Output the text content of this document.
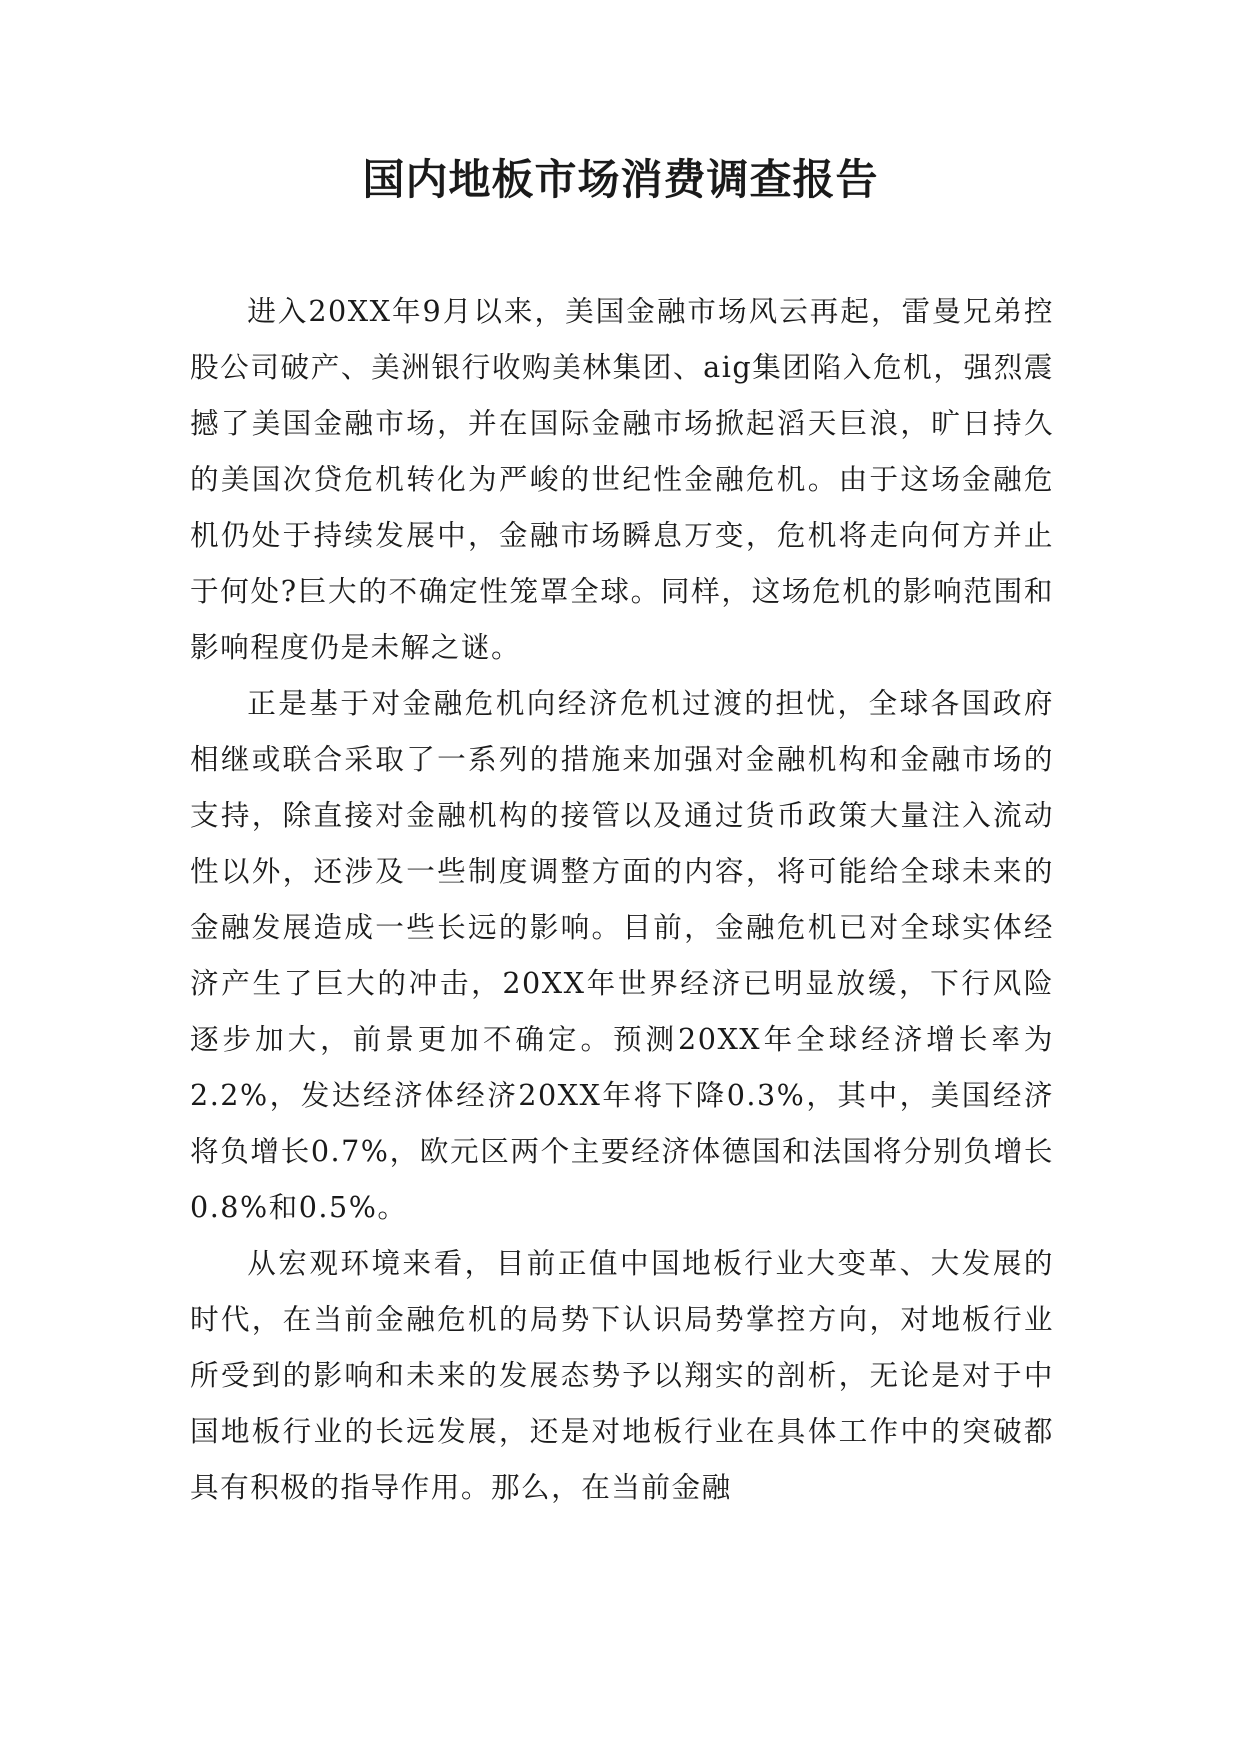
国内地板市场消费调查报告

进入20XX年9月以来，美国金融市场风云再起，雷曼兄弟控股公司破产、美洲银行收购美林集团、aig集团陷入危机，强烈震撼了美国金融市场，并在国际金融市场掀起滔天巨浪，旷日持久的美国次贷危机转化为严峻的世纪性金融危机。由于这场金融危机仍处于持续发展中，金融市场瞬息万变，危机将走向何方并止于何处?巨大的不确定性笼罩全球。同样，这场危机的影响范围和影响程度仍是未解之谜。

正是基于对金融危机向经济危机过渡的担忧，全球各国政府相继或联合采取了一系列的措施来加强对金融机构和金融市场的支持，除直接对金融机构的接管以及通过货币政策大量注入流动性以外，还涉及一些制度调整方面的内容，将可能给全球未来的金融发展造成一些长远的影响。目前，金融危机已对全球实体经济产生了巨大的冲击，20XX年世界经济已明显放缓，下行风险逐步加大，前景更加不确定。预测20XX年全球经济增长率为2.2%，发达经济体经济20XX年将下降0.3%，其中，美国经济将负增长0.7%，欧元区两个主要经济体德国和法国将分别负增长0.8%和0.5%。

从宏观环境来看，目前正值中国地板行业大变革、大发展的时代，在当前金融危机的局势下认识局势掌控方向，对地板行业所受到的影响和未来的发展态势予以翔实的剖析，无论是对于中国地板行业的长远发展，还是对地板行业在具体工作中的突破都具有积极的指导作用。那么，在当前金融
